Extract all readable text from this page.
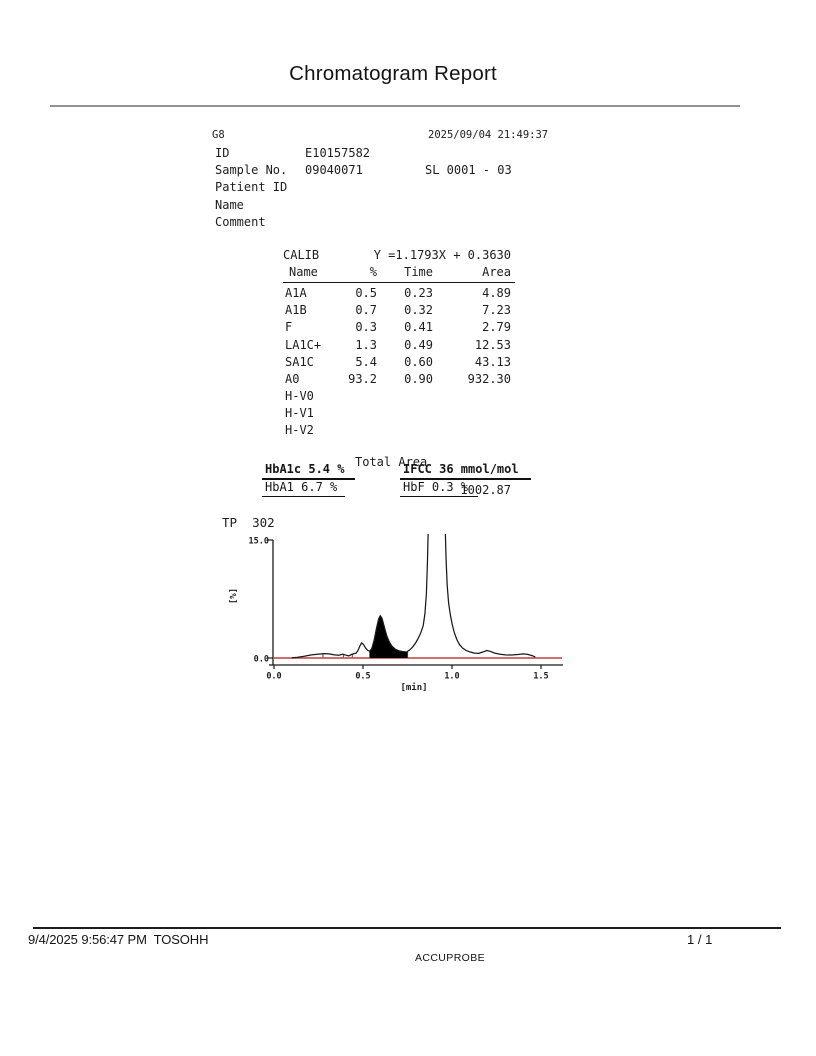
Chromatogram Report
G8	2025/09/04 21:49:37
ID	E10157582
Sample No. 09040071	SL 0001 - 03
Patient ID
Name
Comment
CALIB	Y =1.1793X + 0.3630
Name	%	Time	Area
A1A	0.5	0.23	4.89
A1B	0.7	0.32	7.23
F	0.3	0.41	2.79
LA1C+	1.3	0.49	12.53
SA1C	5.4	0.60	43.13
A0	93.2	0.90	932.30
H-V0
H-V1
H-V2

Total Area

1002.87

HbA1c 5.4 %	IFCC 36 mmol/mol
HbA1 6.7 %	HbF 0.3 %
TP  302
15.0
0.0
0.0	0.5	1.0	1.5
[min]
[%]
9/4/2025 9:56:47 PM  TOSOHH	1 / 1
ACCUPROBE
